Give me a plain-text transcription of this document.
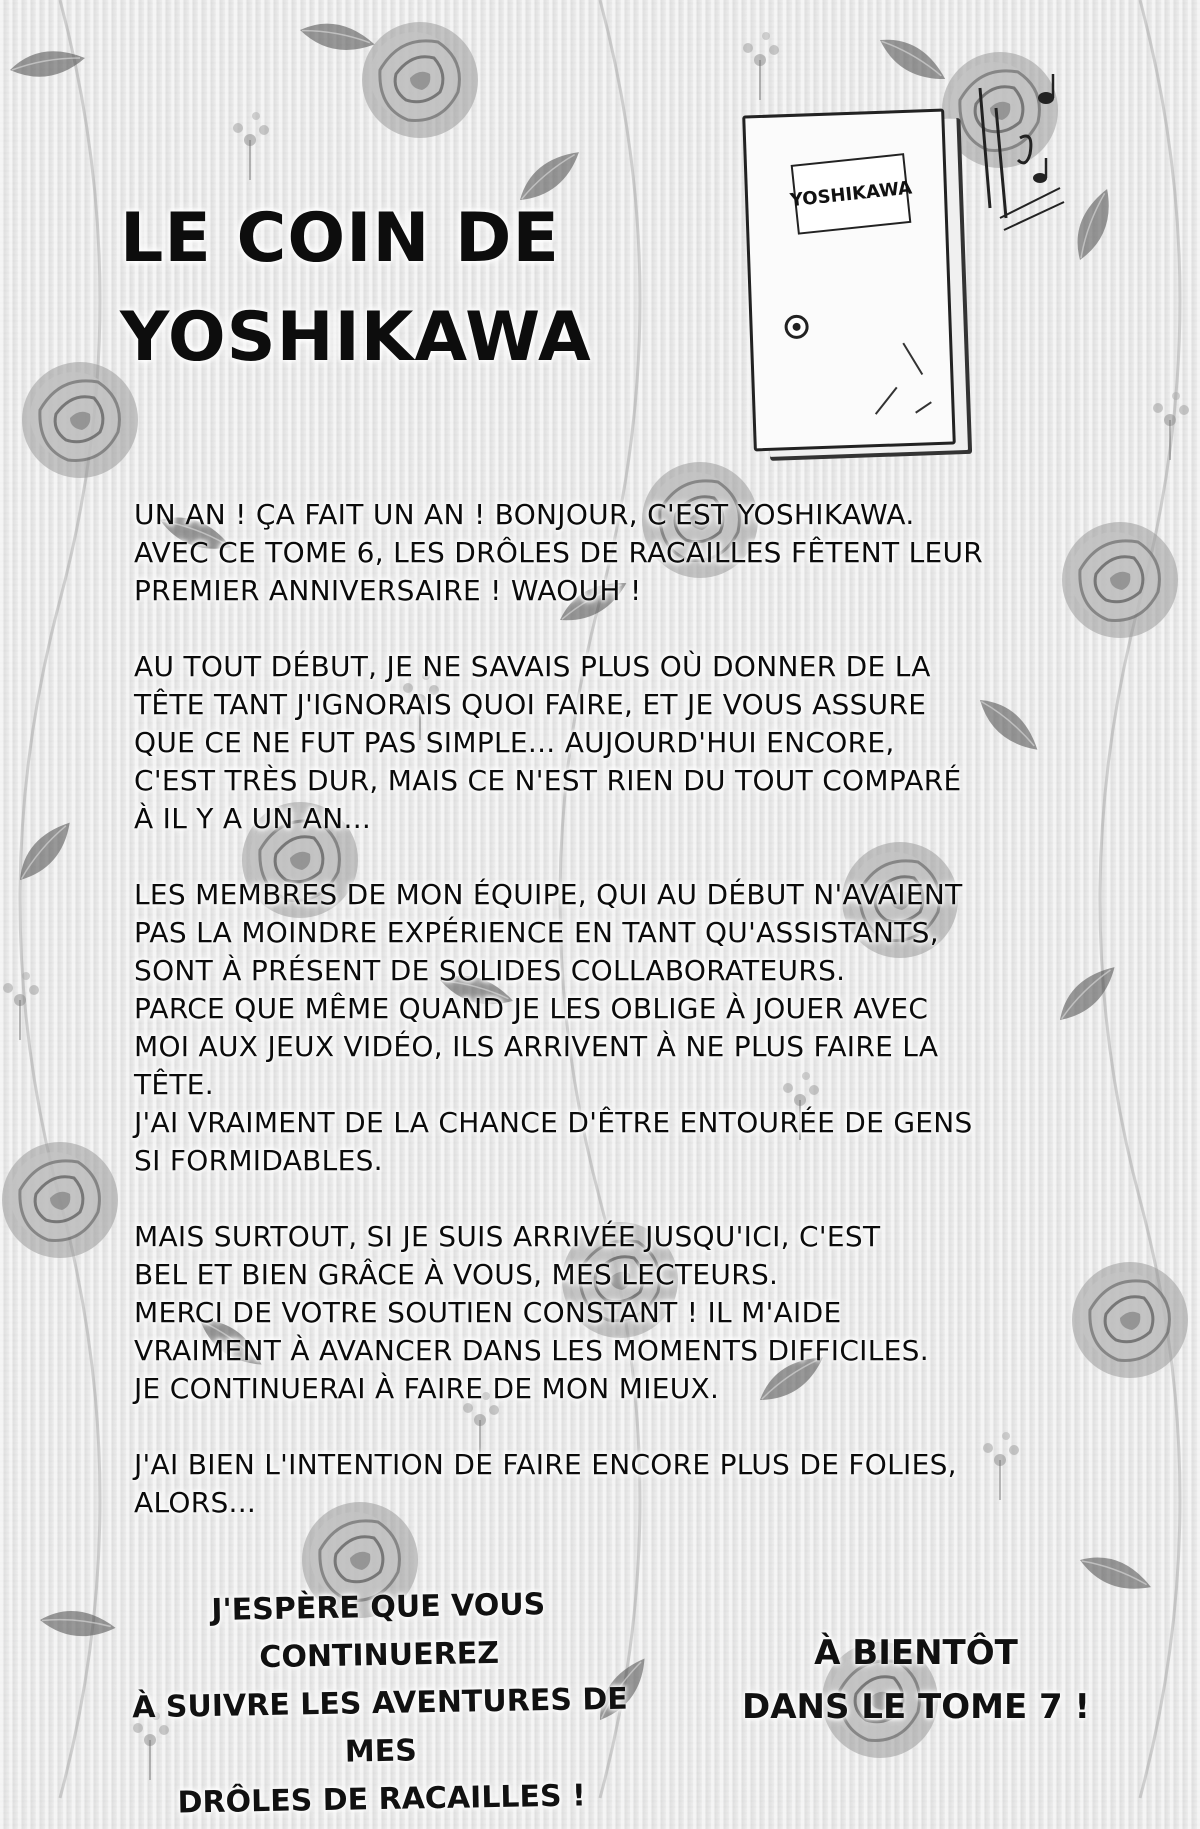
LE COIN DE
YOSHIKAWA
YOSHIKAWA

UN AN ! ÇA FAIT UN AN ! BONJOUR, C'EST YOSHIKAWA.
AVEC CE TOME 6, LES DRÔLES DE RACAILLES FÊTENT LEUR
PREMIER ANNIVERSAIRE ! WAOUH !

AU TOUT DÉBUT, JE NE SAVAIS PLUS OÙ DONNER DE LA
TÊTE TANT J'IGNORAIS QUOI FAIRE, ET JE VOUS ASSURE
QUE CE NE FUT PAS SIMPLE... AUJOURD'HUI ENCORE,
C'EST TRÈS DUR, MAIS CE N'EST RIEN DU TOUT COMPARÉ
À IL Y A UN AN...

LES MEMBRES DE MON ÉQUIPE, QUI AU DÉBUT N'AVAIENT
PAS LA MOINDRE EXPÉRIENCE EN TANT QU'ASSISTANTS,
SONT À PRÉSENT DE SOLIDES COLLABORATEURS.
PARCE QUE MÊME QUAND JE LES OBLIGE À JOUER AVEC
MOI AUX JEUX VIDÉO, ILS ARRIVENT À NE PLUS FAIRE LA
TÊTE.
J'AI VRAIMENT DE LA CHANCE D'ÊTRE ENTOURÉE DE GENS
SI FORMIDABLES.

MAIS SURTOUT, SI JE SUIS ARRIVÉE JUSQU'ICI, C'EST
BEL ET BIEN GRÂCE À VOUS, MES LECTEURS.
MERCI DE VOTRE SOUTIEN CONSTANT ! IL M'AIDE
VRAIMENT À AVANCER DANS LES MOMENTS DIFFICILES.
JE CONTINUERAI À FAIRE DE MON MIEUX.

J'AI BIEN L'INTENTION DE FAIRE ENCORE PLUS DE FOLIES,
ALORS...

J'ESPÈRE QUE VOUS CONTINUEREZ
À SUIVRE LES AVENTURES DE MES
DRÔLES DE RACAILLES !
À BIENTÔT
DANS LE TOME 7 !
